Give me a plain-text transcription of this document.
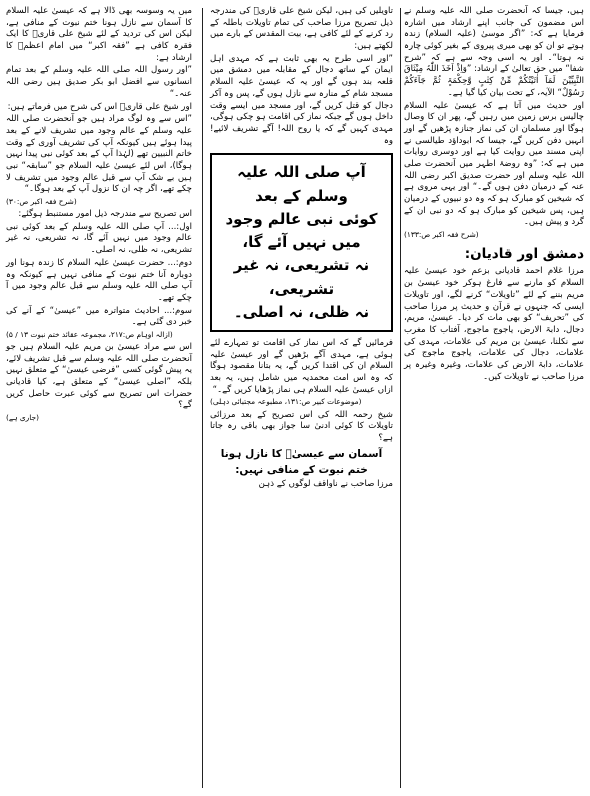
ہیں، جیسا کہ آنحضرت صلی اللہ علیہ وسلم نے اس مضمون کی جانب اپنے ارشاد میں اشارہ فرمایا ہے کہ: ”اگر موسیٰ (علیہ السلام) زندہ ہوتے تو ان کو بھی میری پیروی کے بغیر کوئی چارہ نہ ہوتا“۔ اور یہ اسی وجہ سے ہے کہ ”شرح شفا“ میں حق تعالیٰ کے ارشاد: ”وَاِذْ اَخَذَ اللّٰہُ مِیْثَاقَ النَّبِیِّیْنَ لَمَآ اٰتَیْتُکُمْ مِّنْ کِتٰبٍ وَّحِکْمَۃٍ ثُمَّ جَآءَکُمْ رَسُوْلٌ“ الآیہ، کے تحت بیان کیا گیا ہے۔

اور حدیث میں آتا ہے کہ عیسیٰ علیہ السلام چالیس برس زمین میں رہیں گے، پھر ان کا وصال ہوگا اور مسلمان ان کی نماز جنازہ پڑھیں گے اور انہیں دفن کریں گے، جیسا کہ ابوداؤد طیالسی نے اپنی مسند میں روایت کیا ہے اور دوسری روایات میں ہے کہ: ”وہ روضۂ اطہر میں آنحضرت صلی اللہ علیہ وسلم اور حضرت صدیق اکبر رضی اللہ عنہ کے درمیان دفن ہوں گے۔“ اور یہی مروی ہے کہ شیخین کو مبارک ہو کہ وہ دو نبیوں کے درمیان ہیں، پس شیخین کو مبارک ہو کہ دو نبی ان کے گرد و پیش ہیں۔

(شرح فقہ اکبر ص:۱۳۳)
دمشق اور قادیان:

مرزا غلام احمد قادیانی بزعم خود عیسیٰ علیہ السلام کو مارنے سے فارغ ہوکر خود عیسیٰ بن مریم بننے کے لئے ”تاویلات“ کرنے لگے، اور تاویلات ایسی کہ جنہوں نے قرآن و حدیث پر مرزا صاحب کی ”تحریف“ کو بھی مات کر دیا۔ عیسیٰ، مریم، دجال، دابۃ الارض، یاجوج ماجوج، آفتاب کا مغرب سے نکلنا، عیسیٰ بن مریم کی علامات، مہدی کی علامات، دجال کی علامات، یاجوج ماجوج کی علامات، دابۃ الارض کی علامات، وغیرہ وغیرہ پر مرزا صاحب نے تاویلات کیں۔

تاویلیں کی ہیں، لیکن شیخ علی قاریؒ کی مندرجہ ذیل تصریح مرزا صاحب کی تمام تاویلات باطلہ کے رد کرنے کے لئے کافی ہے، بیت المقدس کے بارے میں لکھتے ہیں:

”اور اسی طرح یہ بھی ثابت ہے کہ مہدی اہل ایمان کے ساتھ دجال کے مقابلہ میں دمشق میں قلعہ بند ہوں گے اور یہ کہ عیسیٰ علیہ السلام مسجد شام کے منارہ سے نازل ہوں گے، پس وہ آکر دجال کو قتل کریں گے، اور مسجد میں ایسے وقت داخل ہوں گے جبکہ نماز کی اقامت ہو چکی ہوگی، مہدی کہیں گے کہ یا روح اللہ! آگے تشریف لائیے! وہ

آپ صلی اللہ علیہ وسلم کے بعد

کوئی نبی عالم وجود میں نہیں آئے گا،

نہ تشریعی، نہ غیر تشریعی،

نہ ظلی، نہ اصلی۔

فرمائیں گے کہ اس نماز کی اقامت تو تمہارے لئے ہوئی ہے، مہدی آگے بڑھیں گے اور عیسیٰ علیہ السلام ان کی اقتدا کریں گے، یہ بتانا مقصود ہوگا کہ وہ اس امت محمدیہ میں شامل ہیں، یہ بعد ازاں عیسیٰ علیہ السلام ہی نماز پڑھایا کریں گے۔“

(موضوعات کبیر ص:۱۳۱، مطبوعہ مجتبائی دہلی)

شیخ رحمہ اللہ کی اس تصریح کے بعد مرزائی تاویلات کا کوئی ادنیٰ سا جواز بھی باقی رہ جاتا ہے؟

آسمان سے عیسیٰؑ کا نازل ہونا
ختم نبوت کے منافی نہیں:

مرزا صاحب نے ناواقف لوگوں کے ذہن

میں یہ وسوسہ بھی ڈالا ہے کہ عیسیٰ علیہ السلام کا آسمان سے نازل ہونا ختم نبوت کے منافی ہے، لیکن اس کی تردید کے لئے شیخ علی قاریؒ کا ایک فقرہ کافی ہے ”فقہ اکبر“ میں امام اعظمؒ کا ارشاد ہے:

”اور رسول اللہ صلی اللہ علیہ وسلم کے بعد تمام انسانوں سے افضل ابو بکر صدیق ہیں رضی اللہ عنہ۔“

اور شیخ علی قاریؒ اس کی شرح میں فرماتے ہیں:

”اس سے وہ لوگ مراد ہیں جو آنحضرت صلی اللہ علیہ وسلم کے عالم وجود میں تشریف لانے کے بعد پیدا ہوئے ہیں کیونکہ آپ کی تشریف آوری کے وقت خاتم النبیین تھے (لہٰذا آپ کے بعد کوئی نبی پیدا نہیں ہوگا)، اس لئے عیسیٰ علیہ السلام جو ”سابقہ“ نبی ہیں بے شک آپ سے قبل عالم وجود میں تشریف لا چکے تھے، اگر چہ ان کا نزول آپ کے بعد ہوگا۔“

(شرح فقہ اکبر ص:۳۰)

اس تصریح سے مندرجہ ذیل امور مستنبط ہوگئے:

اول:... آپ صلی اللہ علیہ وسلم کے بعد کوئی نبی عالم وجود میں نہیں آئے گا، نہ تشریعی، نہ غیر تشریعی، نہ ظلی، نہ اصلی۔

دوم:... حضرت عیسیٰ علیہ السلام کا زندہ ہونا اور دوبارہ آنا ختم نبوت کے منافی نہیں ہے کیونکہ وہ آپ صلی اللہ علیہ وسلم سے قبل عالم وجود میں آ چکے تھے۔

سوم:... احادیث متواترہ میں ”عیسیٰ“ کے آنے کی خبر دی گئی ہے۔

(ازالہ اوہام ص:۲۱۷، مجموعہ عقائد ختم نبوت ۱۳ / ۵)

اس سے مراد عیسیٰ بن مریم علیہ السلام ہیں جو آنحضرت صلی اللہ علیہ وسلم سے قبل تشریف لائے، یہ پیش گوئی کسی ”فرضی عیسیٰ“ کے متعلق نہیں بلکہ ”اصلی عیسیٰ“ کے متعلق ہے، کیا قادیانی حضرات اس تصریح سے کوئی عبرت حاصل کریں گے؟

(جاری ہے)
